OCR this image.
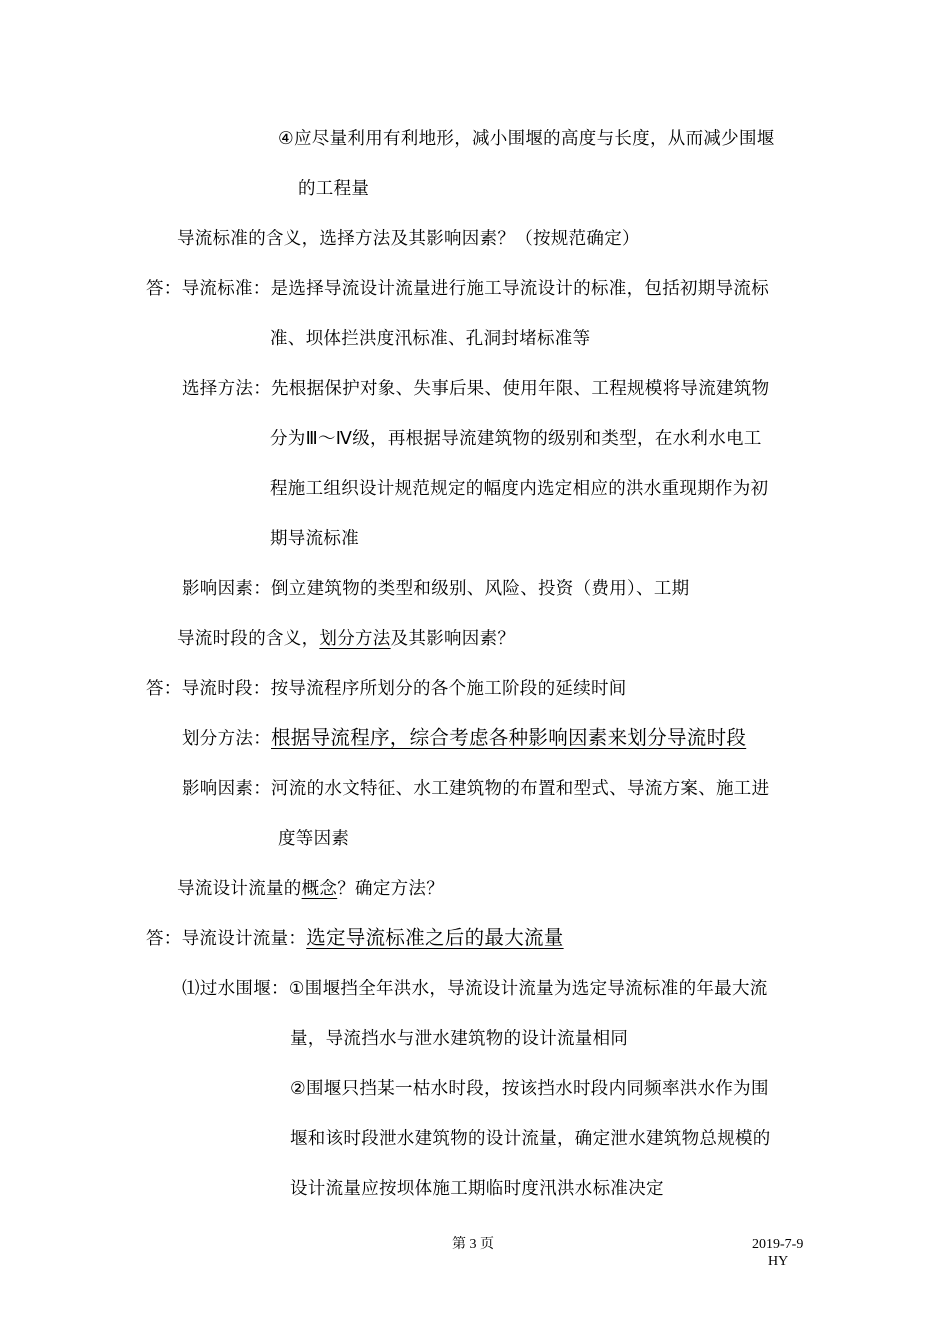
④应尽量利用有利地形，减小围堰的高度与长度，从而减少围堰

的工程量

导流标准的含义，选择方法及其影响因素？（按规范确定）

答：导流标准：是选择导流设计流量进行施工导流设计的标准，包括初期导流标

准、坝体拦洪度汛标准、孔洞封堵标准等

选择方法：先根据保护对象、失事后果、使用年限、工程规模将导流建筑物

分为Ⅲ～Ⅳ级，再根据导流建筑物的级别和类型，在水利水电工

程施工组织设计规范规定的幅度内选定相应的洪水重现期作为初

期导流标准

影响因素：倒立建筑物的类型和级别、风险、投资（费用）、工期

导流时段的含义，划分方法及其影响因素？

答：导流时段：按导流程序所划分的各个施工阶段的延续时间

划分方法：根据导流程序，综合考虑各种影响因素来划分导流时段

影响因素：河流的水文特征、水工建筑物的布置和型式、导流方案、施工进

度等因素

导流设计流量的概念？确定方法？

答：导流设计流量：选定导流标准之后的最大流量

⑴过水围堰：①围堰挡全年洪水，导流设计流量为选定导流标准的年最大流

量，导流挡水与泄水建筑物的设计流量相同

②围堰只挡某一枯水时段，按该挡水时段内同频率洪水作为围

堰和该时段泄水建筑物的设计流量，确定泄水建筑物总规模的

设计流量应按坝体施工期临时度汛洪水标准决定

第 3 页	2019-7-9

HY
